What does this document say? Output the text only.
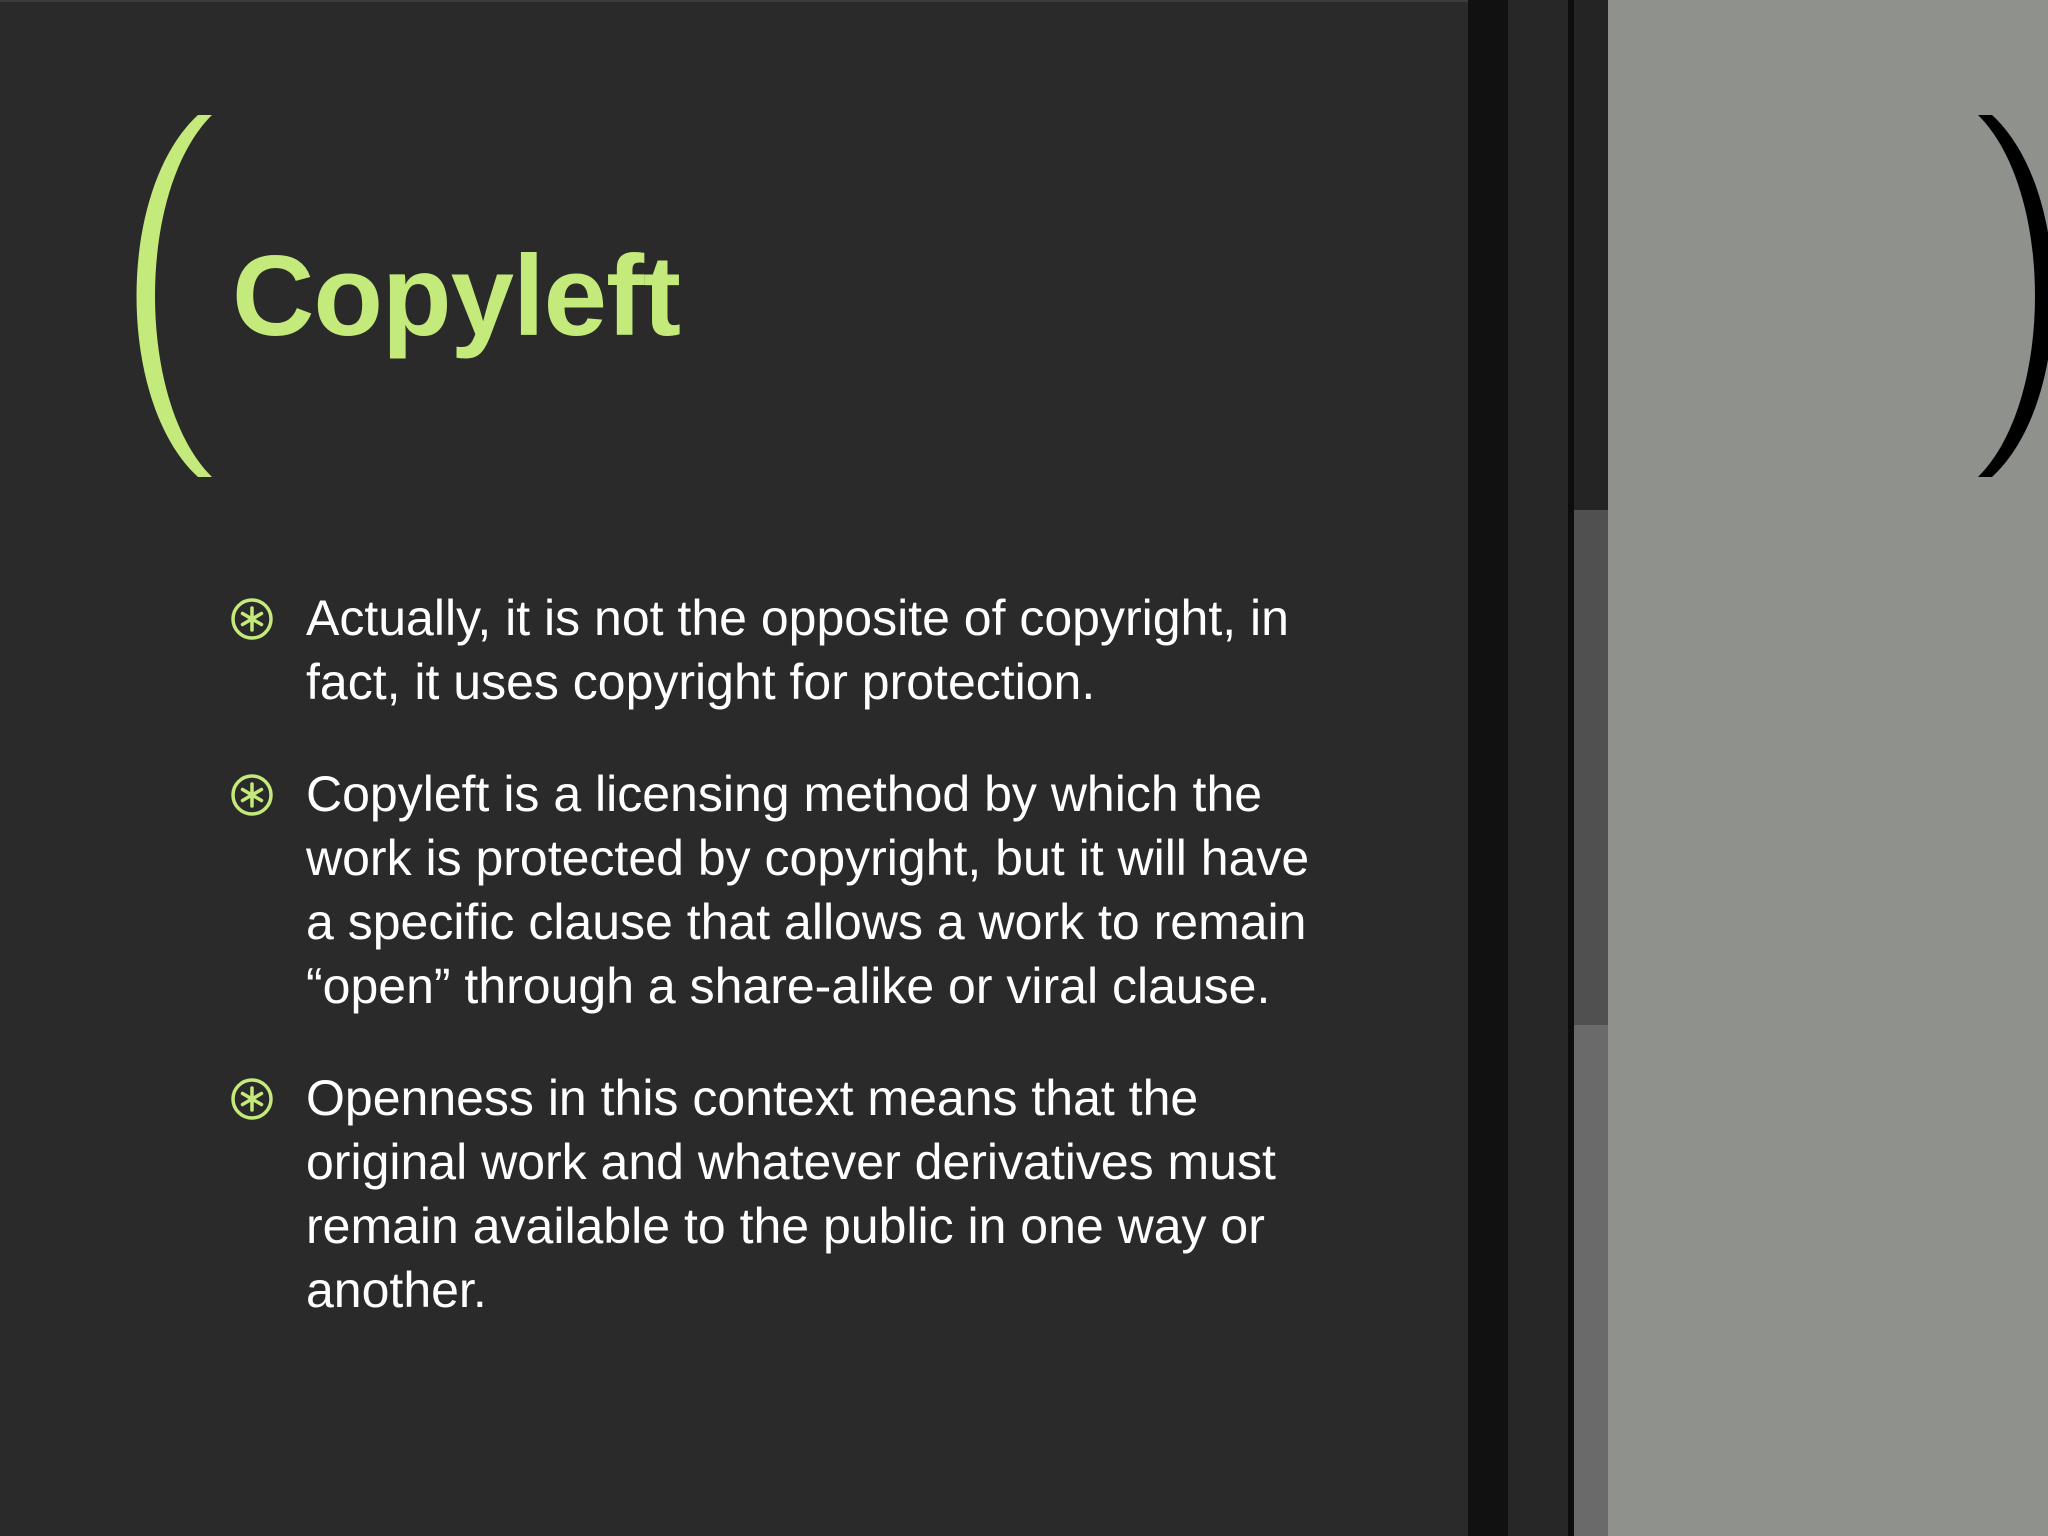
Copyleft
Actually, it is not the opposite of copyright, in fact, it uses copyright for protection.
Copyleft is a licensing method by which the work is protected by copyright, but it will have a specific clause that allows a work to remain “open” through a share-alike or viral clause.
Openness in this context means that the original work and whatever derivatives must remain available to the public in one way or another.
